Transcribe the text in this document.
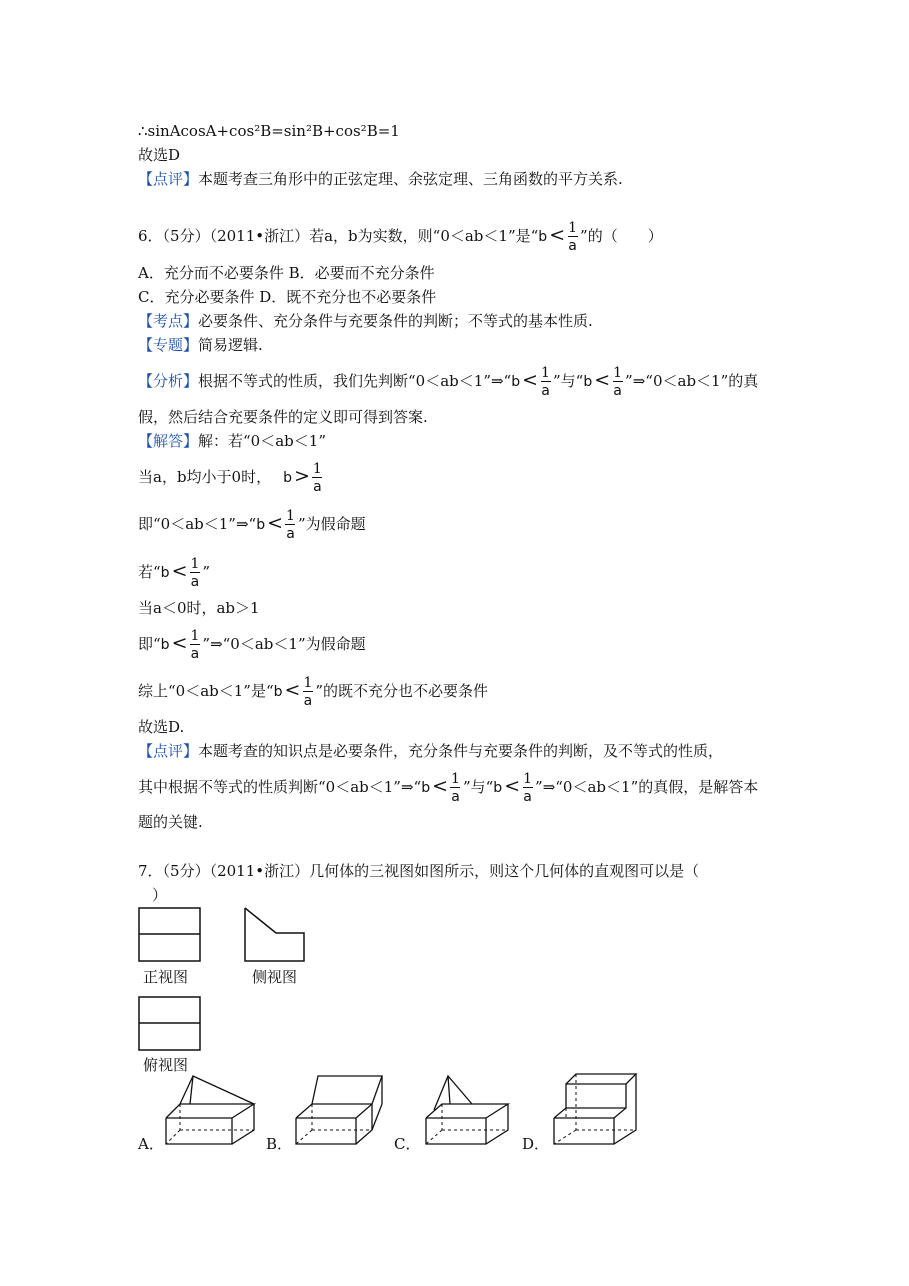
∴sinAcosA+cos²B=sin²B+cos²B=1
故选D
【点评】本题考查三角形中的正弦定理、余弦定理、三角函数的平方关系.
6．（5分）（2011•浙江）若a，b为实数，则“0＜ab＜1”是“$b < \frac{1}{a}$ ”的（　　）
A．充分而不必要条件 B．必要而不充分条件
C．充分必要条件 D．既不充分也不必要条件
【考点】必要条件、充分条件与充要条件的判断；不等式的基本性质.
【专题】简易逻辑.
【分析】根据不等式的性质，我们先判断“0＜ab＜1”⇒“b < $\frac{1}{a}$ ”与“$b < \frac{1}{a}$ ”⇒“0＜ab＜1”的真
假，然后结合充要条件的定义即可得到答案.
【解答】解：若“0＜ab＜1”
当a，b均小于0时， $b > \frac{1}{a}$
即“0＜ab＜1”⇒“b < $\frac{1}{a}$ ”为假命题
若“$b < \frac{1}{a}$ ”
当a＜0时，ab＞1
即“$b < \frac{1}{a}$ ”⇒“0＜ab＜1”为假命题
综上“0＜ab＜1”是“$b < \frac{1}{a}$ ”的既不充分也不必要条件
故选D.
【点评】本题考查的知识点是必要条件，充分条件与充要条件的判断，及不等式的性质，
其中根据不等式的性质判断“0＜ab＜1”⇒“b < $\frac{1}{a}$ ”与“$b < \frac{1}{a}$ ”⇒“0＜ab＜1”的真假，是解答本
题的关键.
7．（5分）（2011•浙江）几何体的三视图如图所示，则这个几何体的直观图可以是（
）
正视图	侧视图
俯视图
A．	B．	C．	D．
